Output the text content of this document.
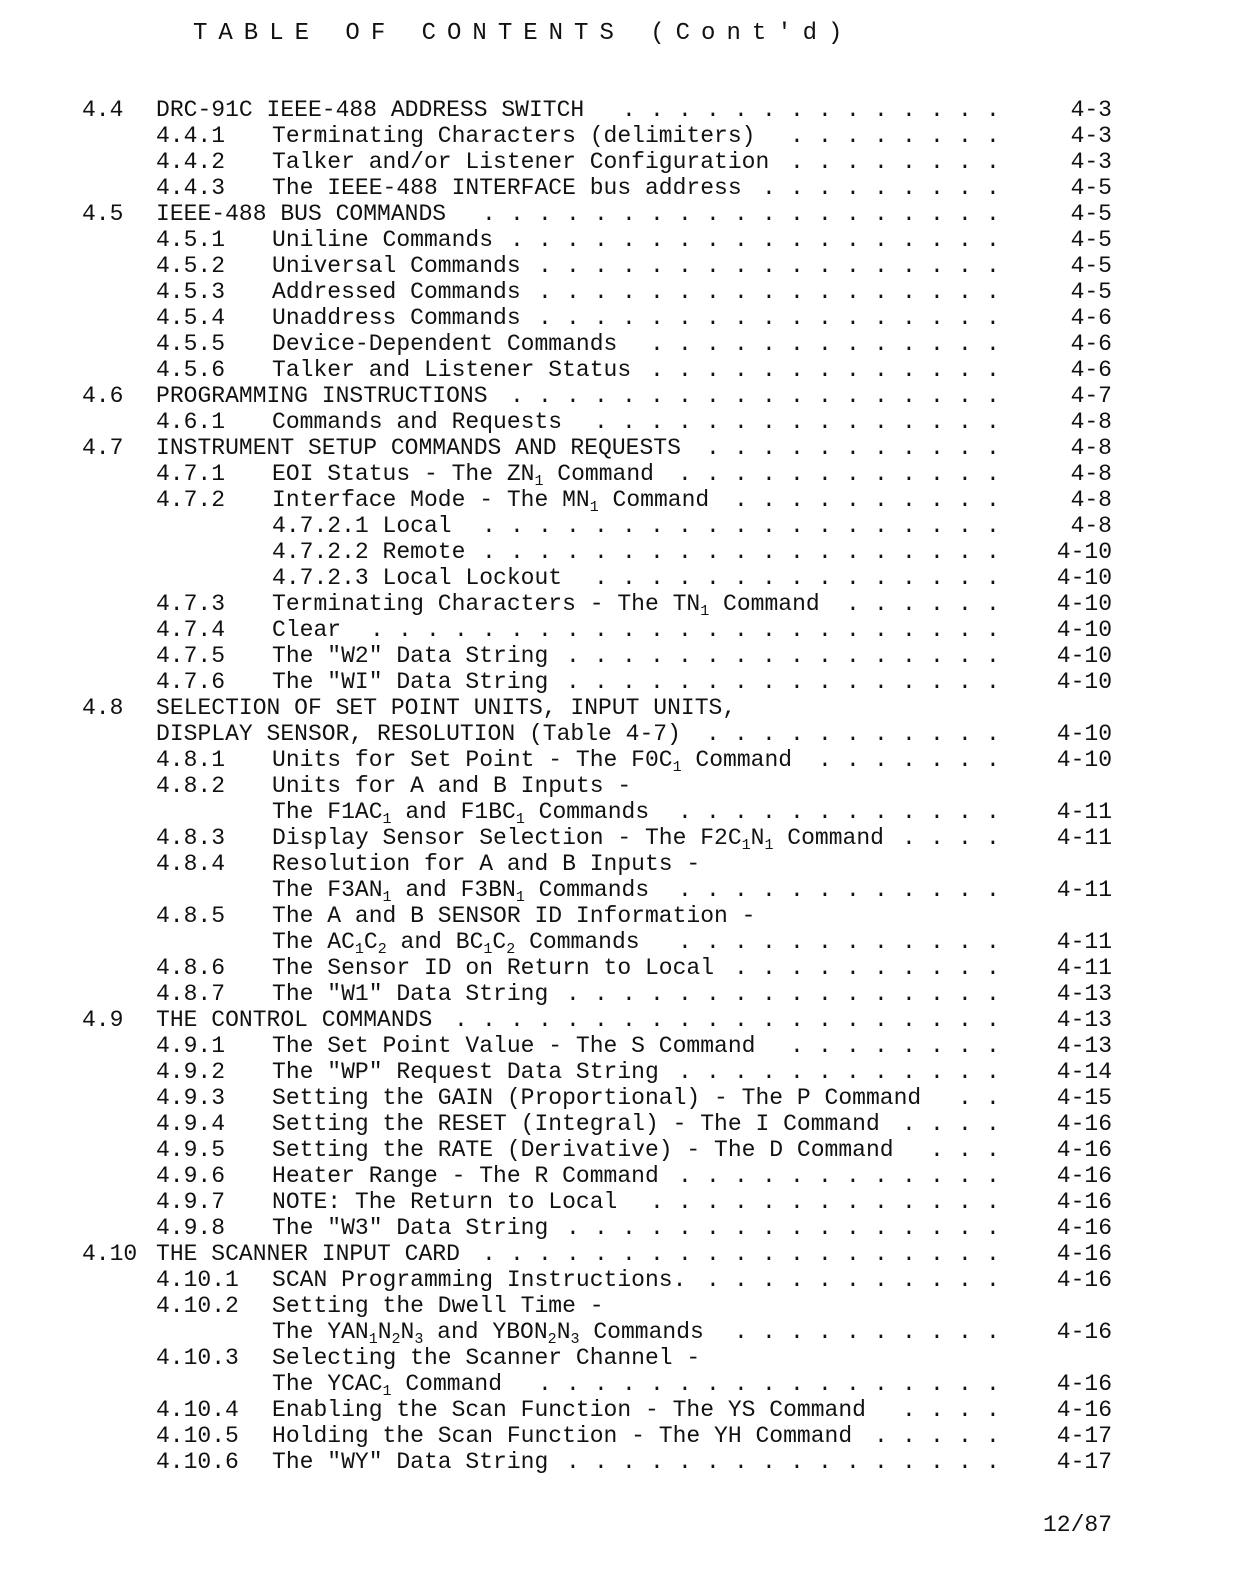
TABLE OF CONTENTS (Cont'd)
4.4 DRC-91C IEEE-488 ADDRESS SWITCH	4-3
..............
4.4.1 Terminating Characters (delimiters)	4-3
........
4.4.2 Talker and/or Listener Configuration	4-3
........
4.4.3 The IEEE-488 INTERFACE bus address	4-5
.........
4.5 IEEE-488 BUS COMMANDS	4-5
...................
4.5.1 Uniline Commands	4-5
..................
4.5.2 Universal Commands	4-5
.................
4.5.3 Addressed Commands	4-5
.................
4.5.4 Unaddress Commands	4-6
.................
4.5.5 Device-Dependent Commands	4-6
.............
4.5.6 Talker and Listener Status	4-6
.............
4.6 PROGRAMMING INSTRUCTIONS	4-7
..................
4.6.1 Commands and Requests	4-8
...............
4.7 INSTRUMENT SETUP COMMANDS AND REQUESTS	4-8
...........
4.7.1 EOI Status - The $ZN_1$ Command	4-8
............
4.7.2 Interface Mode - The $MN_1$ Command	4-8
..........
4.7.2.1 Local	4-8
...................
4.7.2.2 Remote	4-10
...................
4.7.2.3 Local Lockout	4-10
...............
4.7.3 Terminating Characters - The $TN_1$ Command	4-10
......
4.7.4 Clear	4-10
.......................
4.7.5 The "W2" Data String	4-10
................
4.7.6 The "WI" Data String	4-10
................
4.8 SELECTION OF SET POINT UNITS, INPUT UNITS,
DISPLAY SENSOR, RESOLUTION (Table 4-7)	4-10
...........
4.8.1 Units for Set Point - The $F0C_1$ Command	4-10
.......
4.8.2 Units for A and B Inputs -
The $F1AC_1$ and $F1BC_1$ Commands	4-11
............
4.8.3 Display Sensor Selection - The $F2C_1N_1$ Command	4-11
....
4.8.4 Resolution for A and B Inputs -
The $F3AN_1$ and $F3BN_1$ Commands	4-11
............
4.8.5 The A and B SENSOR ID Information -
The $AC_1C_2$ and $BC_1C_2$ Commands	4-11
............
4.8.6 The Sensor ID on Return to Local	4-11
..........
4.8.7 The "W1" Data String	4-13
................
4.9 THE CONTROL COMMANDS	4-13
....................
4.9.1 The Set Point Value - The S Command	4-13
........
4.9.2 The "WP" Request Data String	4-14
............
4.9.3 Setting the GAIN (Proportional) - The P Command	4-15
..
4.9.4 Setting the RESET (Integral) - The I Command	4-16
....
4.9.5 Setting the RATE (Derivative) - The D Command	4-16
...
4.9.6 Heater Range - The R Command	4-16
............
4.9.7 NOTE: The Return to Local	4-16
.............
4.9.8 The "W3" Data String	4-16
................
4.10 THE SCANNER INPUT CARD	4-16
...................
4.10.1 SCAN Programming Instructions.	4-16
...........
4.10.2 Setting the Dwell Time -
The $YAN_1N_2N_3$ and $YBON_2N_3$ Commands	4-16
..........
4.10.3 Selecting the Scanner Channel -
The $YCAC_1$ Command	4-16
.................
4.10.4 Enabling the Scan Function - The YS Command	4-16
....
4.10.5 Holding the Scan Function - The YH Command	4-17
.....
4.10.6 The "WY" Data String	4-17
................
12/87
